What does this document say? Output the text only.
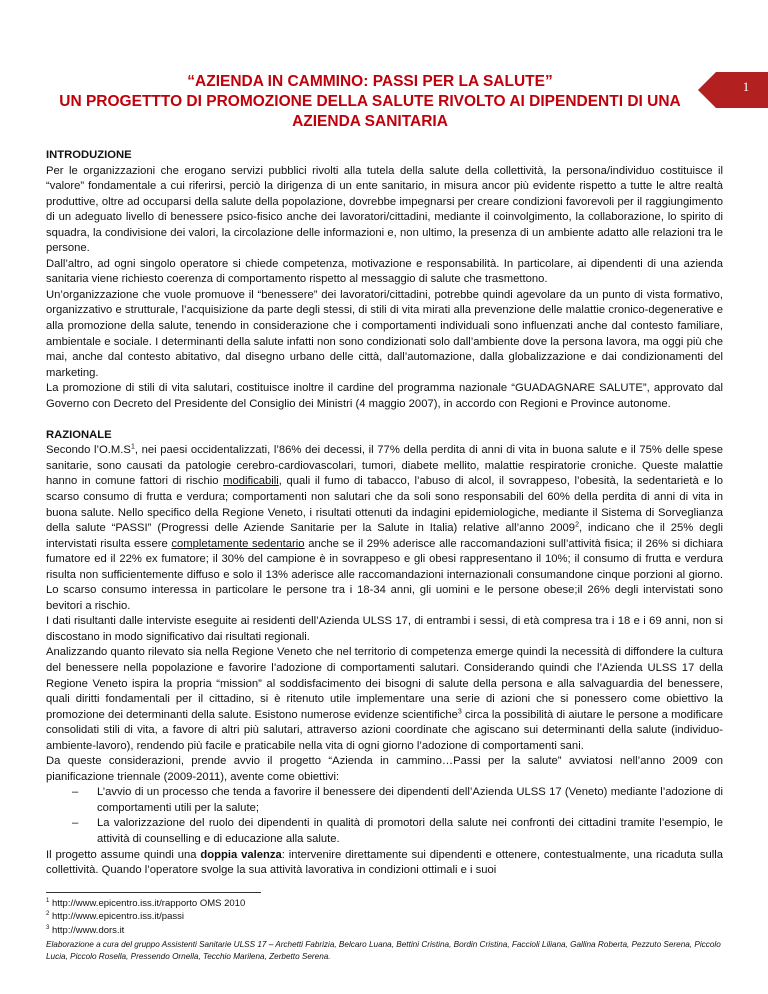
1
“AZIENDA IN CAMMINO: PASSI PER LA SALUTE”
UN PROGETTTO DI PROMOZIONE DELLA SALUTE RIVOLTO AI DIPENDENTI DI UNA
AZIENDA SANITARIA

INTRODUZIONE

Per le organizzazioni che erogano servizi pubblici rivolti alla tutela della salute della collettività, la persona/individuo costituisce il “valore” fondamentale a cui riferirsi, perciò la dirigenza di un ente sanitario, in misura ancor più evidente rispetto a tutte le altre realtà produttive, oltre ad occuparsi della salute della popolazione, dovrebbe impegnarsi per creare condizioni favorevoli per il raggiungimento di un adeguato livello di benessere psico-fisico anche dei lavoratori/cittadini, mediante il coinvolgimento, la collaborazione, lo spirito di squadra, la condivisione dei valori, la circolazione delle informazioni e, non ultimo, la presenza di un ambiente adatto alle relazioni tra le persone.

Dall’altro, ad ogni singolo operatore si chiede competenza, motivazione e responsabilità. In particolare, ai dipendenti di una azienda sanitaria viene richiesto coerenza di comportamento rispetto al messaggio di salute che trasmettono.

Un’organizzazione che vuole promuove il “benessere” dei lavoratori/cittadini, potrebbe quindi agevolare da un punto di vista formativo, organizzativo e strutturale, l’acquisizione da parte degli stessi, di stili di vita mirati alla prevenzione delle malattie cronico-degenerative e alla promozione della salute, tenendo in considerazione che i comportamenti individuali sono influenzati anche dal contesto familiare, ambientale e sociale. I determinanti della salute infatti non sono condizionati solo dall’ambiente dove la persona lavora, ma oggi più che mai, anche dal contesto abitativo, dal disegno urbano delle città, dall’automazione, dalla globalizzazione e dai condizionamenti del marketing.

La promozione di stili di vita salutari, costituisce inoltre il cardine del programma nazionale “GUADAGNARE SALUTE”, approvato dal Governo con Decreto del Presidente del Consiglio dei Ministri (4 maggio 2007), in accordo con Regioni e Province autonome.

RAZIONALE

Secondo $l’O.M.S^1$, nei paesi occidentalizzati, l’86% dei decessi, il 77% della perdita di anni di vita in buona salute e il 75% delle spese sanitarie, sono causati da patologie cerebro-cardiovascolari, tumori, diabete mellito, malattie respiratorie croniche. Queste malattie hanno in comune fattori di rischio modificabili, quali il fumo di tabacco, l’abuso di alcol, il sovrappeso, l’obesità, la sedentarietà e lo scarso consumo di frutta e verdura; comportamenti non salutari che da soli sono responsabili del 60% della perdita di anni di vita in buona salute. Nello specifico della Regione Veneto, i risultati ottenuti da indagini epidemiologiche, mediante il Sistema di Sorveglianza della salute “PASSI” (Progressi delle Aziende Sanitarie per la Salute in Italia) relative all’anno 2009$^2$, indicano che il 25% degli intervistati risulta essere completamente sedentario anche se il 29% aderisce alle raccomandazioni sull’attività fisica; il 26% si dichiara fumatore ed il 22% ex fumatore; il 30% del campione è in sovrappeso e gli obesi rappresentano il 10%; il consumo di frutta e verdura risulta non sufficientemente diffuso e solo il 13% aderisce alle raccomandazioni internazionali consumandone cinque porzioni al giorno. Lo scarso consumo interessa in particolare le persone tra i 18-34 anni, gli uomini e le persone obese;il 26% degli intervistati sono bevitori a rischio.

I dati risultanti dalle interviste eseguite ai residenti dell’Azienda ULSS 17, di entrambi i sessi, di età compresa tra i 18 e i 69 anni, non si discostano in modo significativo dai risultati regionali.

Analizzando quanto rilevato sia nella Regione Veneto che nel territorio di competenza emerge quindi la necessità di diffondere la cultura del benessere nella popolazione e favorire l’adozione di comportamenti salutari. Considerando quindi che l’Azienda ULSS 17 della Regione Veneto ispira la propria “mission” al soddisfacimento dei bisogni di salute della persona e alla salvaguardia del benessere, quali diritti fondamentali per il cittadino, si è ritenuto utile implementare una serie di azioni che si ponessero come obiettivo la promozione dei determinanti della salute. Esistono numerose evidenze scientifiche$^3$ circa la possibilità di aiutare le persone a modificare consolidati stili di vita, a favore di altri più salutari, attraverso azioni coordinate che agiscano sui determinanti della salute (individuo-ambiente-lavoro), rendendo più facile e praticabile nella vita di ogni giorno l’adozione di comportamenti sani.

Da queste considerazioni, prende avvio il progetto “Azienda in cammino…Passi per la salute” avviatosi nell’anno 2009 con pianificazione triennale (2009-2011), avente come obiettivi:

– L’avvio di un processo che tenda a favorire il benessere dei dipendenti dell’Azienda ULSS 17 (Veneto) mediante l’adozione di comportamenti utili per la salute;
– La valorizzazione del ruolo dei dipendenti in qualità di promotori della salute nei confronti dei cittadini tramite l’esempio, le attività di counselling e di educazione alla salute.

Il progetto assume quindi una doppia valenza: intervenire direttamente sui dipendenti e ottenere, contestualmente, una ricaduta sulla collettività. Quando l’operatore svolge la sua attività lavorativa in condizioni ottimali e i suoi

$^1$ http://www.epicentro.iss.it/rapporto OMS 2010
$^2$ http://www.epicentro.iss.it/passi
$^3$ http://www.dors.it
Elaborazione a cura del gruppo Assistenti Sanitarie ULSS 17 – Archetti Fabrizia, Belcaro Luana, Bettini Cristina, Bordin Cristina, Faccioli Liliana, Gallina Roberta, Pezzuto Serena, Piccolo Lucia, Piccolo Rosella, Pressendo Ornella, Tecchio Marilena, Zerbetto Serena.
